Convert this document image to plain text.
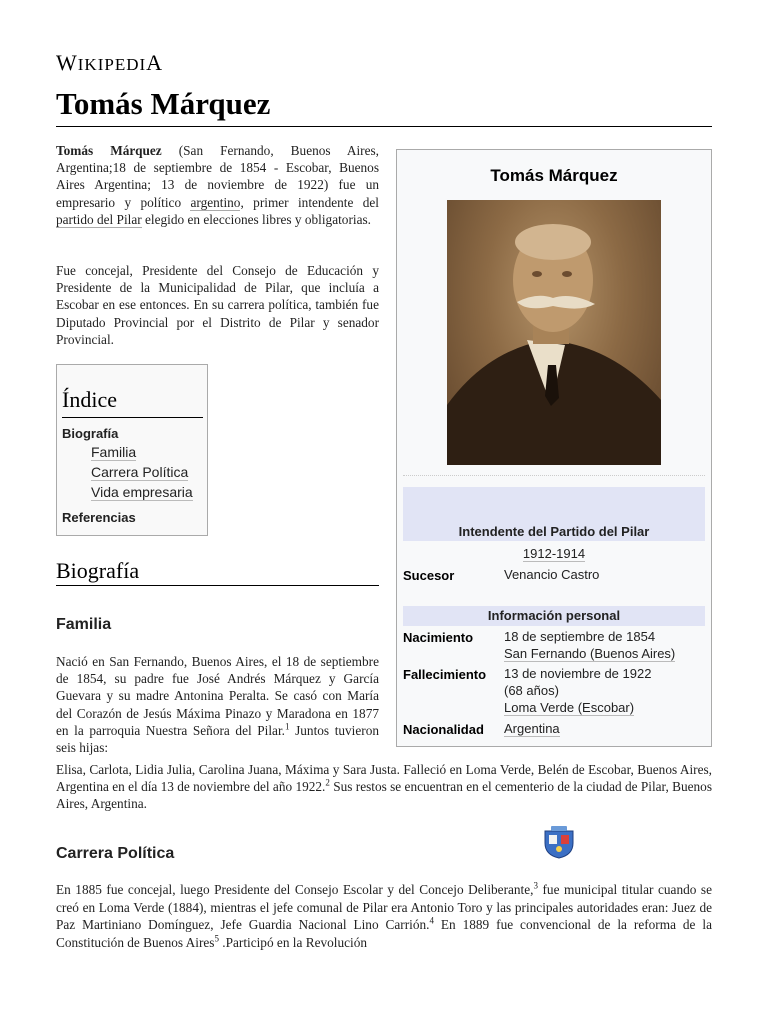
WIKIPEDIA
Tomás Márquez

Tomás Márquez (San Fernando, Buenos Aires, Argentina;18 de septiembre de 1854 - Escobar, Buenos Aires Argentina; 13 de noviembre de 1922) fue un empresario y político argentino, primer intendente del partido del Pilar elegido en elecciones libres y obligatorias.

Fue concejal, Presidente del Consejo de Educación y Presidente de la Municipalidad de Pilar, que incluía a Escobar en ese entonces. En su carrera política, también fue Diputado Provincial por el Distrito de Pilar y senador Provincial.

Índice
Biografía
Familia
Carrera Política
Vida empresaria
Referencias
Biografía
Familia

Nació en San Fernando, Buenos Aires, el 18 de septiembre de 1854, su padre fue José Andrés Márquez y García Guevara y su madre Antonina Peralta. Se casó con María del Corazón de Jesús Máxima Pinazo y Maradona en 1877 en la parroquia Nuestra Señora del Pilar.$^1$ Juntos tuvieron seis hijas:

Elisa, Carlota, Lidia Julia, Carolina Juana, Máxima y Sara Justa. Falleció en Loma Verde, Belén de Escobar, Buenos Aires, Argentina en el día 13 de noviembre del año 1922.$^2$ Sus restos se encuentran en el cementerio de la ciudad de Pilar, Buenos Aires, Argentina.

Carrera Política

En 1885 fue concejal, luego Presidente del Consejo Escolar y del Concejo Deliberante,$^3$ fue municipal titular cuando se creó en Loma Verde (1884), mientras el jefe comunal de Pilar era Antonio Toro y las principales autoridades eran: Juez de Paz Martiniano Domínguez, Jefe Guardia Nacional Lino Carrión.$^4$ En 1889 fue convencional de la reforma de la Constitución de Buenos Aires$^5$ .Participó en la Revolución

Tomás Márquez
Intendente del Partido del Pilar
1912-1914
Sucesor	Venancio Castro
Información personal
Nacimiento 18 de septiembre de 1854
San Fernando (Buenos Aires)
Fallecimiento 13 de noviembre de 1922
(68 años)
Loma Verde (Escobar)
Nacionalidad Argentina
